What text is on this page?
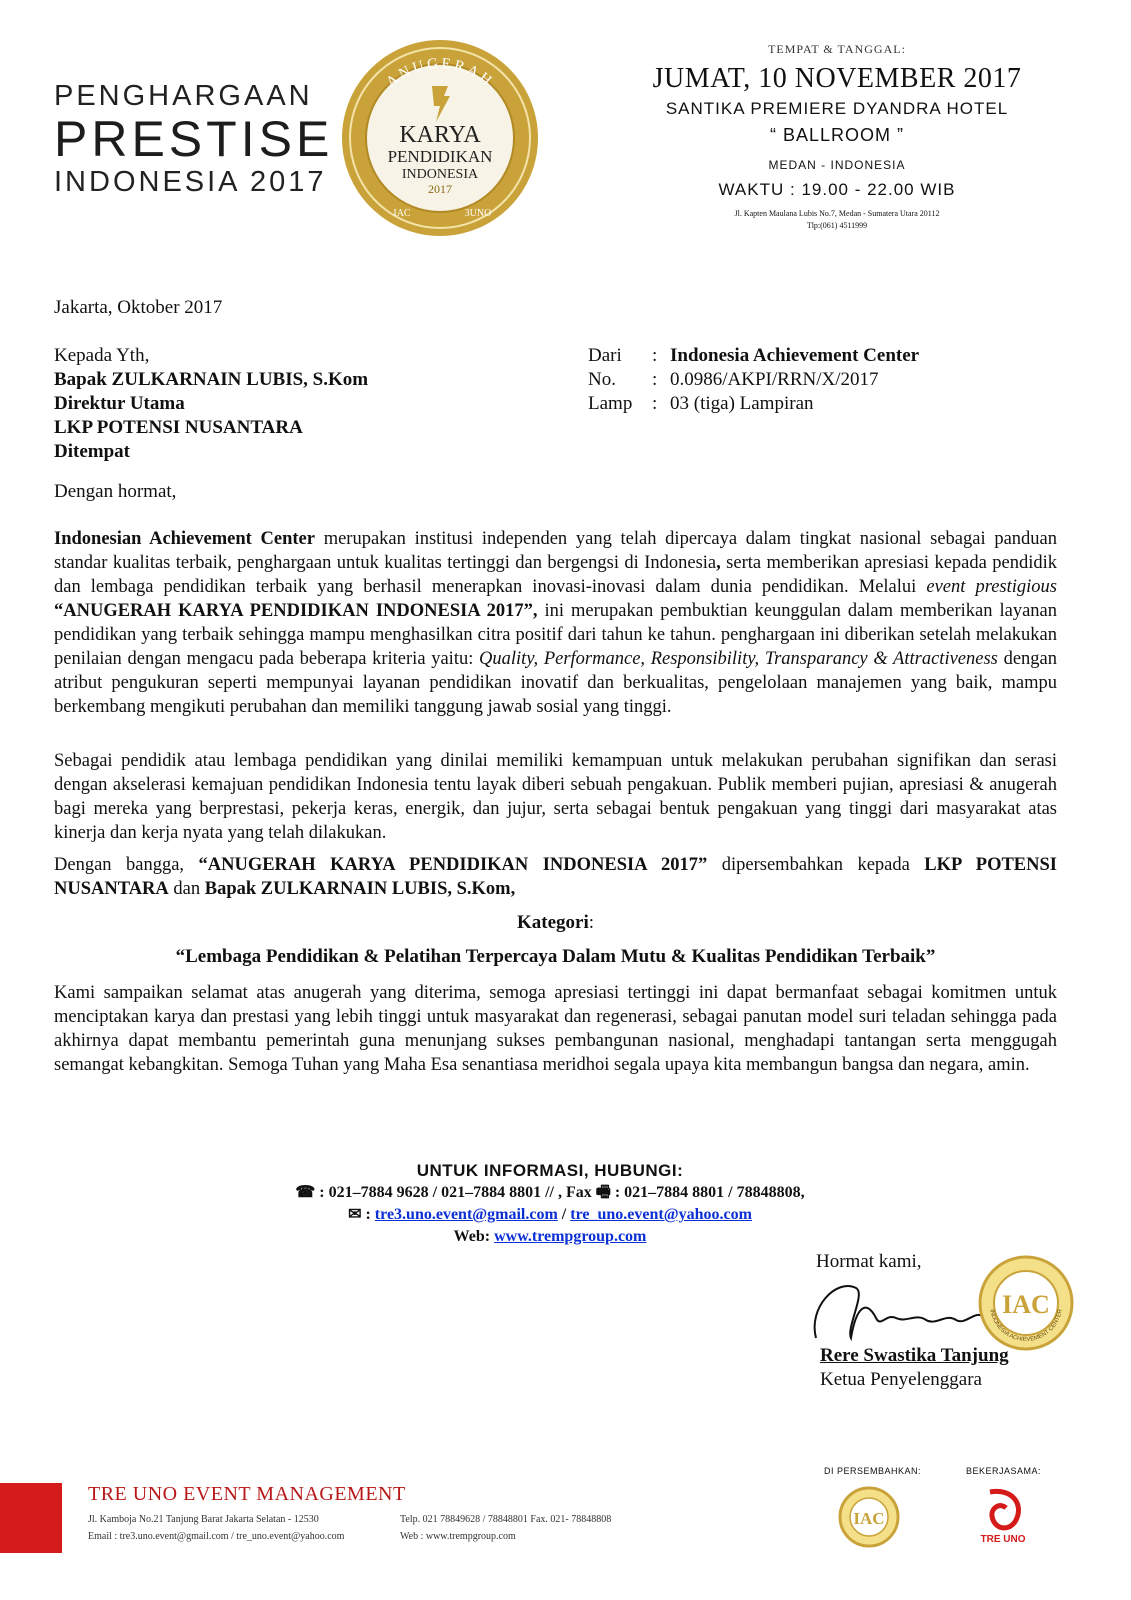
PENGHARGAAN
PRESTISE
INDONESIA 2017
ANUGERAH
KARYA
PENDIDIKAN
INDONESIA
2017
IAC	3UNO
TEMPAT & TANGGAL:
JUMAT, 10 NOVEMBER 2017
SANTIKA PREMIERE DYANDRA HOTEL
“ BALLROOM ”
MEDAN - INDONESIA
WAKTU : 19.00 - 22.00 WIB
Jl. Kapten Maulana Lubis No.7, Medan - Sumatera Utara 20112
Tlp:(061) 4511999
Jakarta, Oktober 2017
Kepada Yth,
Bapak ZULKARNAIN LUBIS, S.Kom
Direktur Utama
LKP POTENSI NUSANTARA
Ditempat
Dari	:	Indonesia Achievement Center
No.	:	0.0986/AKPI/RRN/X/2017
Lamp	:	03 (tiga) Lampiran
Dengan hormat,
Indonesian Achievement Center merupakan institusi independen yang telah dipercaya dalam tingkat nasional sebagai panduan standar kualitas terbaik, penghargaan untuk kualitas tertinggi dan bergengsi di Indonesia, serta memberikan apresiasi kepada pendidik dan lembaga pendidikan terbaik yang berhasil menerapkan inovasi-inovasi dalam dunia pendidikan. Melalui event prestigious “ANUGERAH KARYA PENDIDIKAN INDONESIA 2017”, ini merupakan pembuktian keunggulan dalam memberikan layanan pendidikan yang terbaik sehingga mampu menghasilkan citra positif dari tahun ke tahun. penghargaan ini diberikan setelah melakukan penilaian dengan mengacu pada beberapa kriteria yaitu: Quality, Performance, Responsibility, Transparancy & Attractiveness dengan atribut pengukuran seperti mempunyai layanan pendidikan inovatif dan berkualitas, pengelolaan manajemen yang baik, mampu berkembang mengikuti perubahan dan memiliki tanggung jawab sosial yang tinggi.
Sebagai pendidik atau lembaga pendidikan yang dinilai memiliki kemampuan untuk melakukan perubahan signifikan dan serasi dengan akselerasi kemajuan pendidikan Indonesia tentu layak diberi sebuah pengakuan. Publik memberi pujian, apresiasi & anugerah bagi mereka yang berprestasi, pekerja keras, energik, dan jujur, serta sebagai bentuk pengakuan yang tinggi dari masyarakat atas kinerja dan kerja nyata yang telah dilakukan.
Dengan bangga, “ANUGERAH KARYA PENDIDIKAN INDONESIA 2017” dipersembahkan kepada LKP POTENSI NUSANTARA dan Bapak ZULKARNAIN LUBIS, S.Kom,
Kategori:
“Lembaga Pendidikan & Pelatihan Terpercaya Dalam Mutu & Kualitas Pendidikan Terbaik”
Kami sampaikan selamat atas anugerah yang diterima, semoga apresiasi tertinggi ini dapat bermanfaat sebagai komitmen untuk menciptakan karya dan prestasi yang lebih tinggi untuk masyarakat dan regenerasi, sebagai panutan model suri teladan sehingga pada akhirnya dapat membantu pemerintah guna menunjang sukses pembangunan nasional, menghadapi tantangan serta menggugah semangat kebangkitan. Semoga Tuhan yang Maha Esa senantiasa meridhoi segala upaya kita membangun bangsa dan negara, amin.
UNTUK INFORMASI, HUBUNGI:
☎ : 021–7884 9628 / 021–7884 8801 // , Fax 🖷 : 021–7884 8801 / 78848808,
✉ : tre3.uno.event@gmail.com / tre_uno.event@yahoo.com
Web: www.trempgroup.com
Hormat kami,
IAC
INDONESIA ACHIEVEMENT CENTER
Rere Swastika Tanjung
Ketua Penyelenggara
TRE UNO EVENT MANAGEMENT
Jl. Kamboja No.21 Tanjung Barat Jakarta Selatan - 12530
Email : tre3.uno.event@gmail.com / tre_uno.event@yahoo.com
Telp. 021 78849628 / 78848801 Fax. 021- 78848808
Web : www.trempgroup.com
DI PERSEMBAHKAN:	BEKERJASAMA:
IAC
TRE UNO
